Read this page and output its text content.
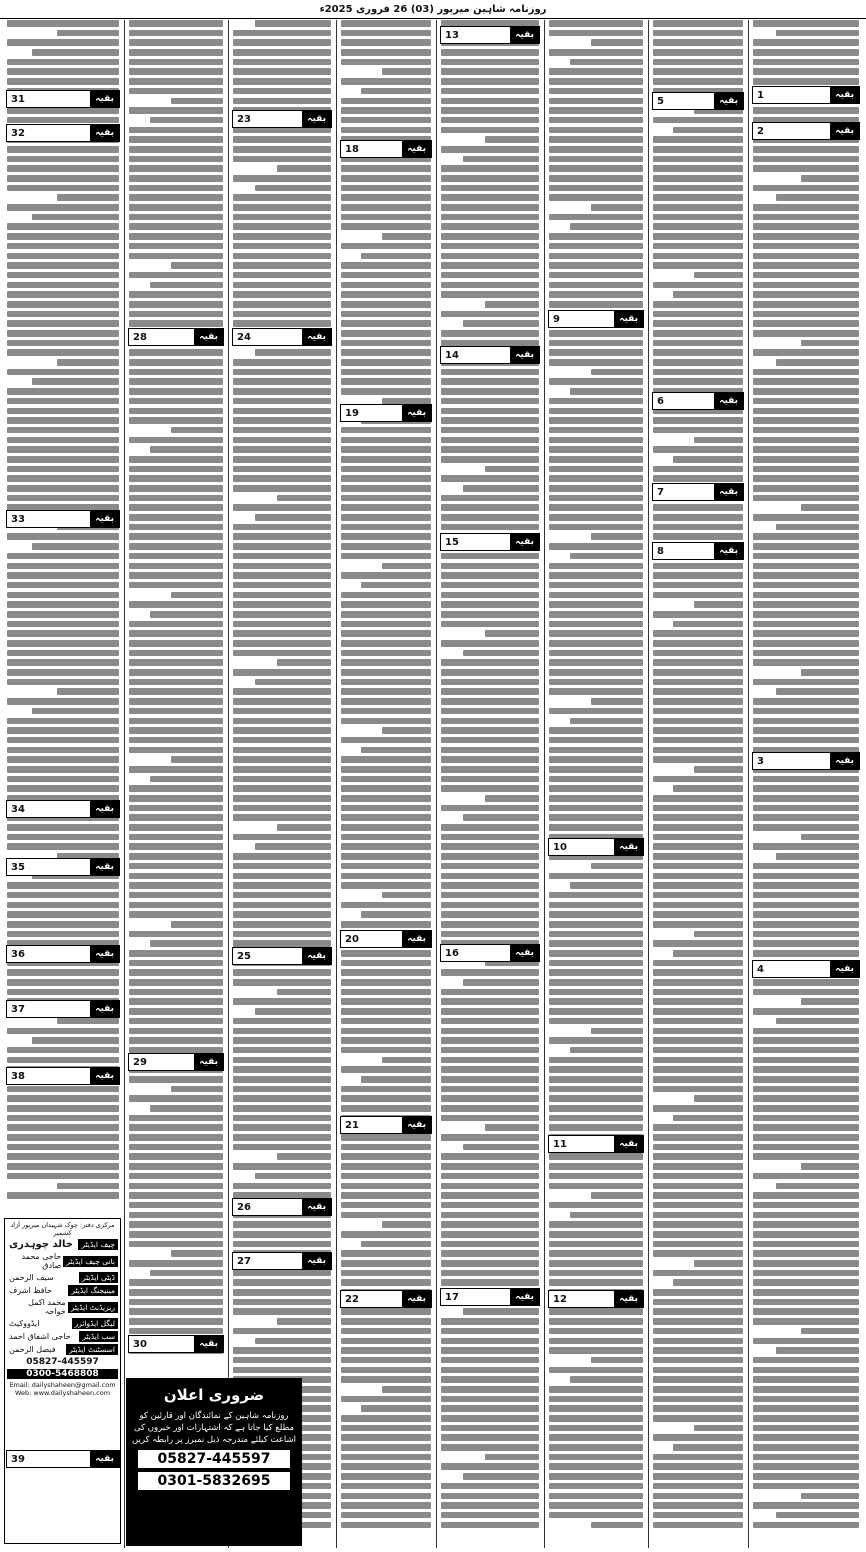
روزنامہ شاہین میرپور (03) 26 فروری 2025ء
1	بقیہ
2	بقیہ
3	بقیہ
4	بقیہ
5	بقیہ
6	بقیہ
7	بقیہ
8	بقیہ
9	بقیہ
10	بقیہ
11	بقیہ
12	بقیہ
13	بقیہ
14	بقیہ
15	بقیہ
16	بقیہ
17	بقیہ
18	بقیہ
19	بقیہ
20	بقیہ
21	بقیہ
22	بقیہ
23	بقیہ
24	بقیہ
25	بقیہ
26	بقیہ
27	بقیہ
28	بقیہ
29	بقیہ
30	بقیہ
31	بقیہ
32	بقیہ
33	بقیہ
34	بقیہ
35	بقیہ
36	بقیہ
37	بقیہ
38	بقیہ
39	بقیہ
مرکزی دفتر: چوک شہیداں میرپور آزاد کشمیر
چیف ایڈیٹر
خالد چوہدری
بانی چیف ایڈیٹر
حاجی محمد صادق
ڈپٹی ایڈیٹر
سیف الرحمن
مینیجنگ ایڈیٹر
حافظ اشرف
ریزیڈنٹ ایڈیٹر
محمد اکمل خواجہ
لیگل ایڈوائزر
ایڈووکیٹ
سب ایڈیٹر
حاجی اشفاق احمد
اسسٹنٹ ایڈیٹر
فیصل الرحمن
05827-445597
0300-5468808
Email: dailyshaheen@gmail.com
Web: www.dailyshaheen.com	ضروری اعلان
روزنامہ شاہین کے نمائندگان اور قارئین کو مطلع کیا جاتا ہے کہ اشتہارات اور خبروں کی اشاعت کیلئے مندرجہ ذیل نمبرز پر رابطہ کریں
05827-445597
0301-5832695
